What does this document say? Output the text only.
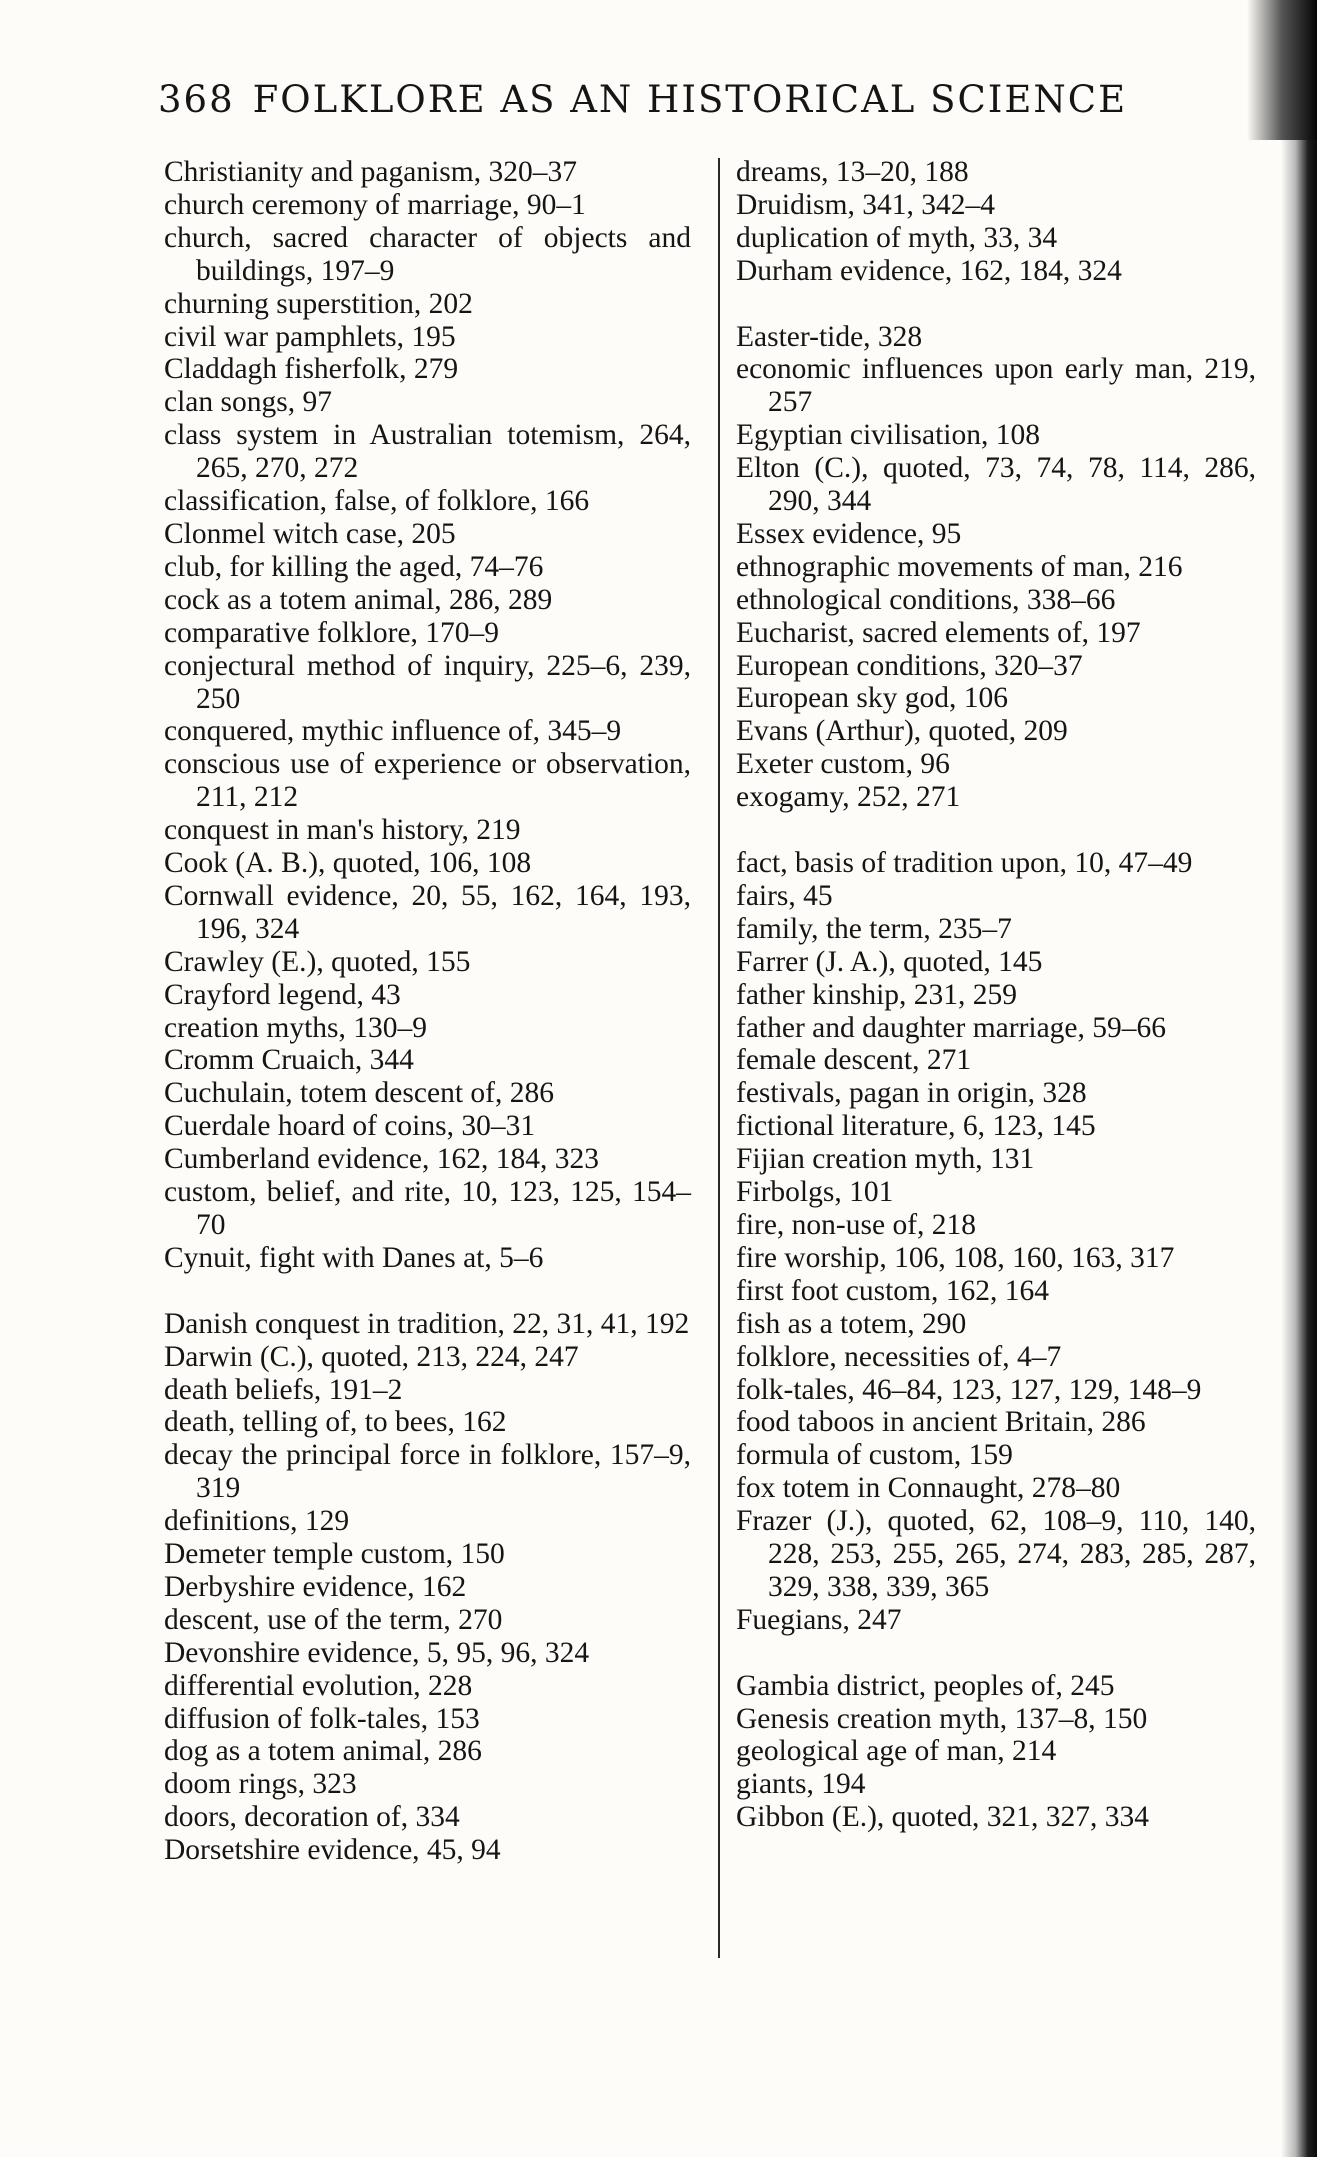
368 FOLKLORE AS AN HISTORICAL SCIENCE
Christianity and paganism, 320–37
church ceremony of marriage, 90–1
church, sacred character of objects and buildings, 197–9
churning superstition, 202
civil war pamphlets, 195
Claddagh fisherfolk, 279
clan songs, 97
class system in Australian totemism, 264, 265, 270, 272
classification, false, of folklore, 166
Clonmel witch case, 205
club, for killing the aged, 74–76
cock as a totem animal, 286, 289
comparative folklore, 170–9
conjectural method of inquiry, 225–6, 239, 250
conquered, mythic influence of, 345–9
conscious use of experience or observation, 211, 212
conquest in man's history, 219
Cook (A. B.), quoted, 106, 108
Cornwall evidence, 20, 55, 162, 164, 193, 196, 324
Crawley (E.), quoted, 155
Crayford legend, 43
creation myths, 130–9
Cromm Cruaich, 344
Cuchulain, totem descent of, 286
Cuerdale hoard of coins, 30–31
Cumberland evidence, 162, 184, 323
custom, belief, and rite, 10, 123, 125, 154–70
Cynuit, fight with Danes at, 5–6
Danish conquest in tradition, 22, 31, 41, 192
Darwin (C.), quoted, 213, 224, 247
death beliefs, 191–2
death, telling of, to bees, 162
decay the principal force in folklore, 157–9, 319
definitions, 129
Demeter temple custom, 150
Derbyshire evidence, 162
descent, use of the term, 270
Devonshire evidence, 5, 95, 96, 324
differential evolution, 228
diffusion of folk-tales, 153
dog as a totem animal, 286
doom rings, 323
doors, decoration of, 334
Dorsetshire evidence, 45, 94
dreams, 13–20, 188
Druidism, 341, 342–4
duplication of myth, 33, 34
Durham evidence, 162, 184, 324
Easter-tide, 328
economic influences upon early man, 219, 257
Egyptian civilisation, 108
Elton (C.), quoted, 73, 74, 78, 114, 286, 290, 344
Essex evidence, 95
ethnographic movements of man, 216
ethnological conditions, 338–66
Eucharist, sacred elements of, 197
European conditions, 320–37
European sky god, 106
Evans (Arthur), quoted, 209
Exeter custom, 96
exogamy, 252, 271
fact, basis of tradition upon, 10, 47–49
fairs, 45
family, the term, 235–7
Farrer (J. A.), quoted, 145
father kinship, 231, 259
father and daughter marriage, 59–66
female descent, 271
festivals, pagan in origin, 328
fictional literature, 6, 123, 145
Fijian creation myth, 131
Firbolgs, 101
fire, non-use of, 218
fire worship, 106, 108, 160, 163, 317
first foot custom, 162, 164
fish as a totem, 290
folklore, necessities of, 4–7
folk-tales, 46–84, 123, 127, 129, 148–9
food taboos in ancient Britain, 286
formula of custom, 159
fox totem in Connaught, 278–80
Frazer (J.), quoted, 62, 108–9, 110, 140, 228, 253, 255, 265, 274, 283, 285, 287, 329, 338, 339, 365
Fuegians, 247
Gambia district, peoples of, 245
Genesis creation myth, 137–8, 150
geological age of man, 214
giants, 194
Gibbon (E.), quoted, 321, 327, 334
